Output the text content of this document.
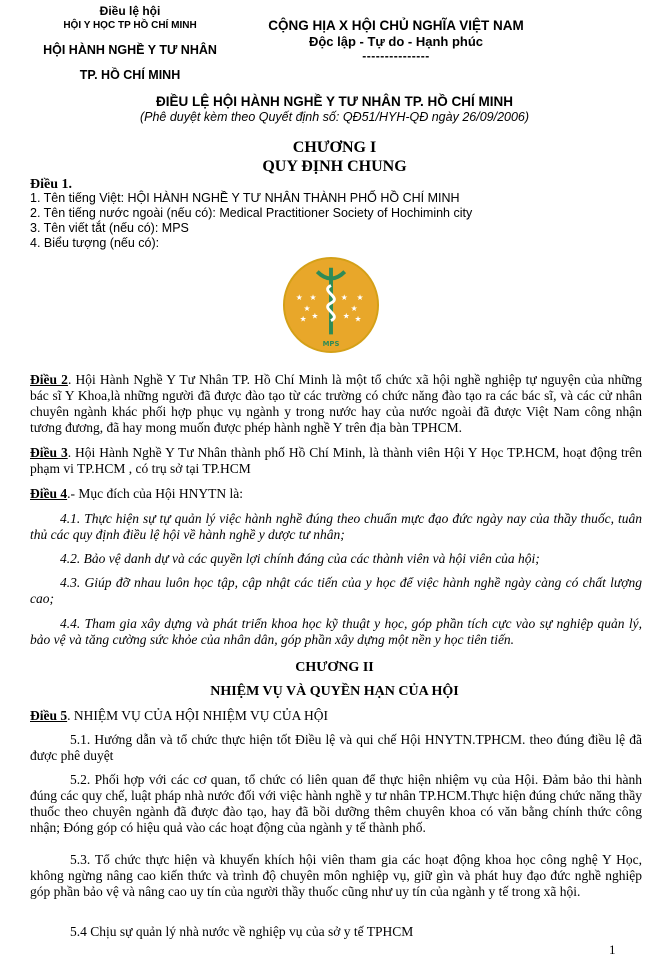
Điều lệ hội
HỘI Y HỌC TP HỒ CHÍ MINH
HỘI HÀNH NGHỀ Y TƯ NHÂN
TP. HỒ CHÍ MINH
CỘNG HỊA X HỘI CHỦ NGHĨA VIỆT NAM
Độc lập - Tự do - Hạnh phúc
---------------
ĐIỀU LỆ HỘI HÀNH NGHỀ Y TƯ NHÂN TP. HỒ CHÍ MINH
(Phê duyệt kèm theo Quyết định số: QĐ51/HYH-QĐ ngày 26/09/2006)
CHƯƠNG I
QUY ĐỊNH CHUNG
Điều 1.
1. Tên tiếng Việt: HỘI HÀNH NGHỀ Y TƯ NHÂN THÀNH PHỐ HỒ CHÍ MINH
2. Tên tiếng nước ngoài (nếu có): Medical Practitioner Society of Hochiminh city
3. Tên viết tắt (nếu có): MPS
4. Biểu tượng (nếu có):
★
★
★ ★
★	★
★
★
★ ★
MPS
Điều 2. Hội Hành Nghề Y Tư Nhân TP. Hồ Chí Minh là một tổ chức xã hội nghề nghiệp tự nguyện của những bác sĩ Y Khoa,là những người đã được đào tạo từ các trường có chức năng đào tạo ra các bác sĩ, và các cử nhân chuyên ngành khác phối hợp phục vụ ngành y trong nước hay của nước ngoài đã được Việt Nam công nhận tương đương, đã hay mong muốn được phép hành nghề Y trên địa bàn TPHCM.
Điều 3. Hội Hành Nghề Y Tư Nhân thành phố Hồ Chí Minh, là thành viên Hội Y Học TP.HCM, hoạt động trên phạm vi TP.HCM , có trụ sở tại TP.HCM
Điều 4.- Mục đích của Hội HNYTN là:
4.1. Thực hiện sự tự quản lý việc hành nghề đúng theo chuẩn mực đạo đức ngày nay của thầy thuốc, tuân thủ các quy định điều lệ hội về hành nghề y dược tư nhân;
4.2. Bảo vệ danh dự và các quyền lợi chính đáng của các thành viên và hội viên của hội;
4.3. Giúp đỡ nhau luôn học tập, cập nhật các tiến của y học để việc hành nghề ngày càng có chất lượng cao;
4.4. Tham gia xây dựng và phát triển khoa học kỹ thuật y học, góp phần tích cực vào sự nghiệp quản lý, bảo vệ và tăng cường sức khỏe của nhân dân, góp phần xây dựng một nền y học tiên tiến.
CHƯƠNG II
NHIỆM VỤ VÀ QUYỀN HẠN CỦA HỘI
Điều 5. NHIỆM VỤ CỦA HỘI NHIỆM VỤ CỦA HỘI
5.1. Hướng dẫn và tổ chức thực hiện tốt Điều lệ và qui chế Hội HNYTN.TPHCM. theo đúng điều lệ đã được phê duyệt
5.2. Phối hợp với các cơ quan, tổ chức có liên quan để thực hiện nhiệm vụ của Hội. Đảm bảo thi hành đúng các quy chế, luật pháp nhà nước đối với việc hành nghề y tư nhân TP.HCM.Thực hiện đúng chức năng thầy thuốc theo chuyên ngành đã được đào tạo, hay đã bồi dưỡng thêm chuyên khoa có văn bằng chính thức công nhận; Đóng góp có hiệu quả vào các hoạt động của ngành y tế thành phố.
5.3. Tổ chức thực hiện và khuyến khích hội viên tham gia các hoạt động khoa học công nghệ Y Học, không ngừng nâng cao kiến thức và trình độ chuyên môn nghiệp vụ, giữ gìn và phát huy đạo đức nghề nghiệp góp phần bảo vệ và nâng cao uy tín của người thầy thuốc cũng như uy tín của ngành y tế trong xã hội.
5.4 Chịu sự quản lý nhà nước về nghiệp vụ của sở y tế TPHCM
1
